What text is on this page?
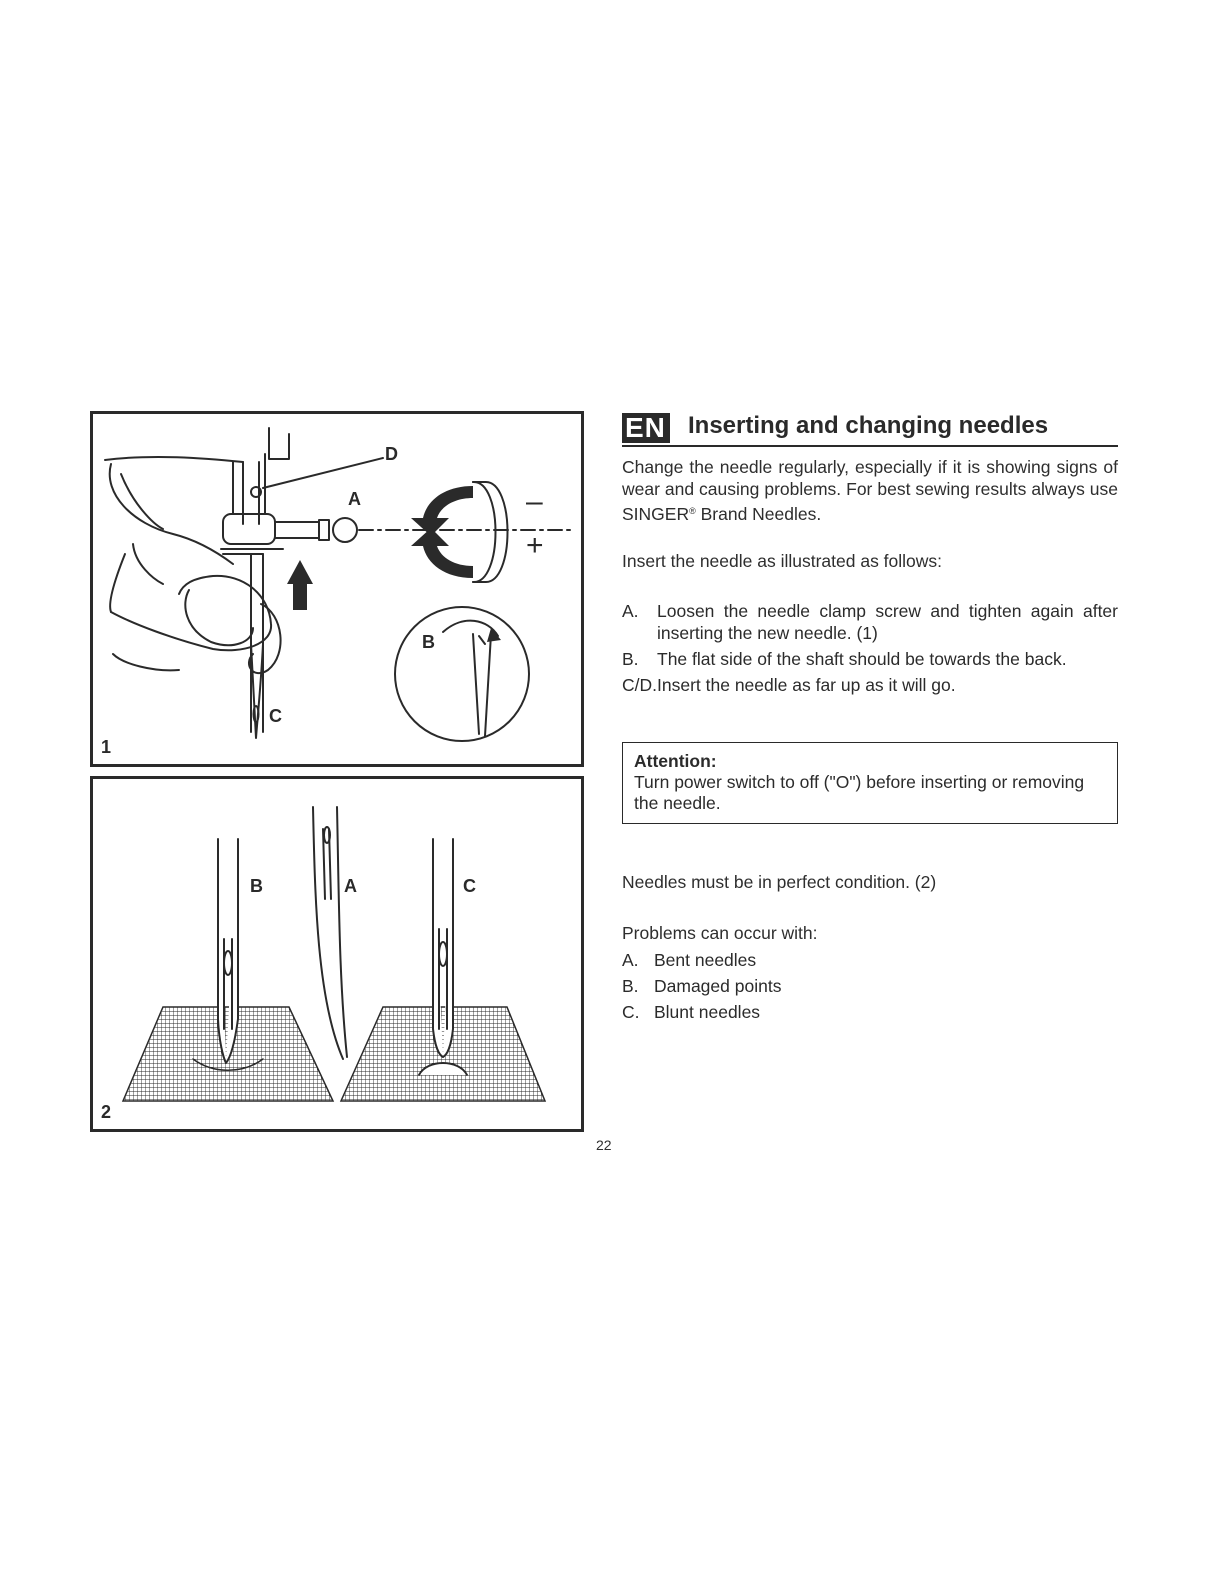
D
A
B
C
–
+
1
B	A	C
2
EN Inserting and changing needles
Change the needle regularly, especially if it is showing signs of wear and causing problems. For best sewing results always use SINGER® Brand Needles.
Insert the needle as illustrated as follows:
A. Loosen the needle clamp screw and tighten again after inserting the new needle. (1)
B. The flat side of the shaft should be towards the back.
C/D.Insert the needle as far up as it will go.
Attention:
Turn power switch to off ("O") before inserting or removing the needle.
Needles must be in perfect condition. (2)
Problems can occur with:
A. Bent needles
B. Damaged points
C. Blunt needles
22
